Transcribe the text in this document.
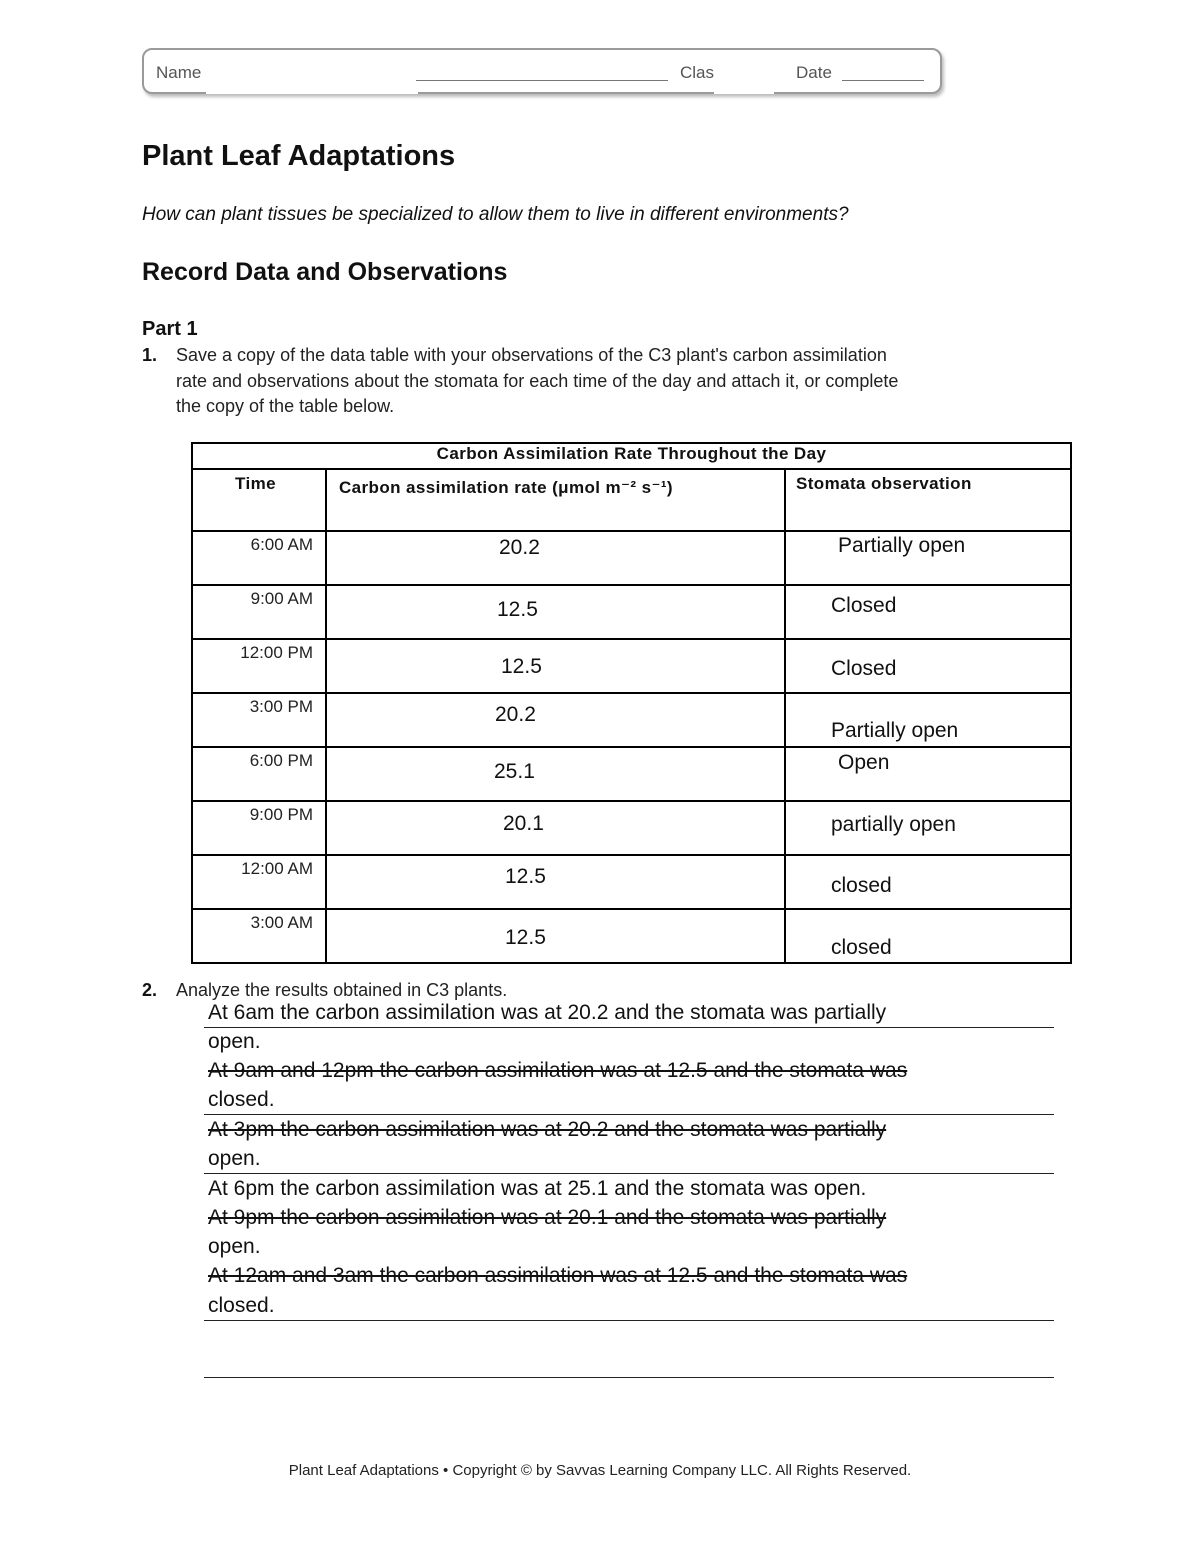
Name	Clas	Date
Plant Leaf Adaptations

How can plant tissues be specialized to allow them to live in different environments?

Record Data and Observations
Part 1
1. Save a copy of the data table with your observations of the C3 plant's carbon assimilation
rate and observations about the stomata for each time of the day and attach it, or complete
the copy of the table below.
Carbon Assimilation Rate Throughout the Day		
Time	Carbon assimilation rate (μmol m⁻² s⁻¹)	Stomata observation
6:00 AM	20.2	Partially open

9:00 AM	12.5	Closed

12:00 PM	12.5	Closed

3:00 PM	20.2	Partially open

6:00 PM	25.1	Open

9:00 PM	20.1	partially open

12:00 AM	12.5	closed

3:00 AM	12.5	closed
2. Analyze the results obtained in C3 plants.
At 6am the carbon assimilation was at 20.2 and the stomata was partially
open.
At 9am and 12pm the carbon assimilation was at 12.5 and the stomata was
closed.
At 3pm the carbon assimilation was at 20.2 and the stomata was partially
open.
At 6pm the carbon assimilation was at 25.1 and the stomata was open.
At 9pm the carbon assimilation was at 20.1 and the stomata was partially
open.
At 12am and 3am the carbon assimilation was at 12.5 and the stomata was
closed.
Plant Leaf Adaptations • Copyright © by Savvas Learning Company LLC. All Rights Reserved.
